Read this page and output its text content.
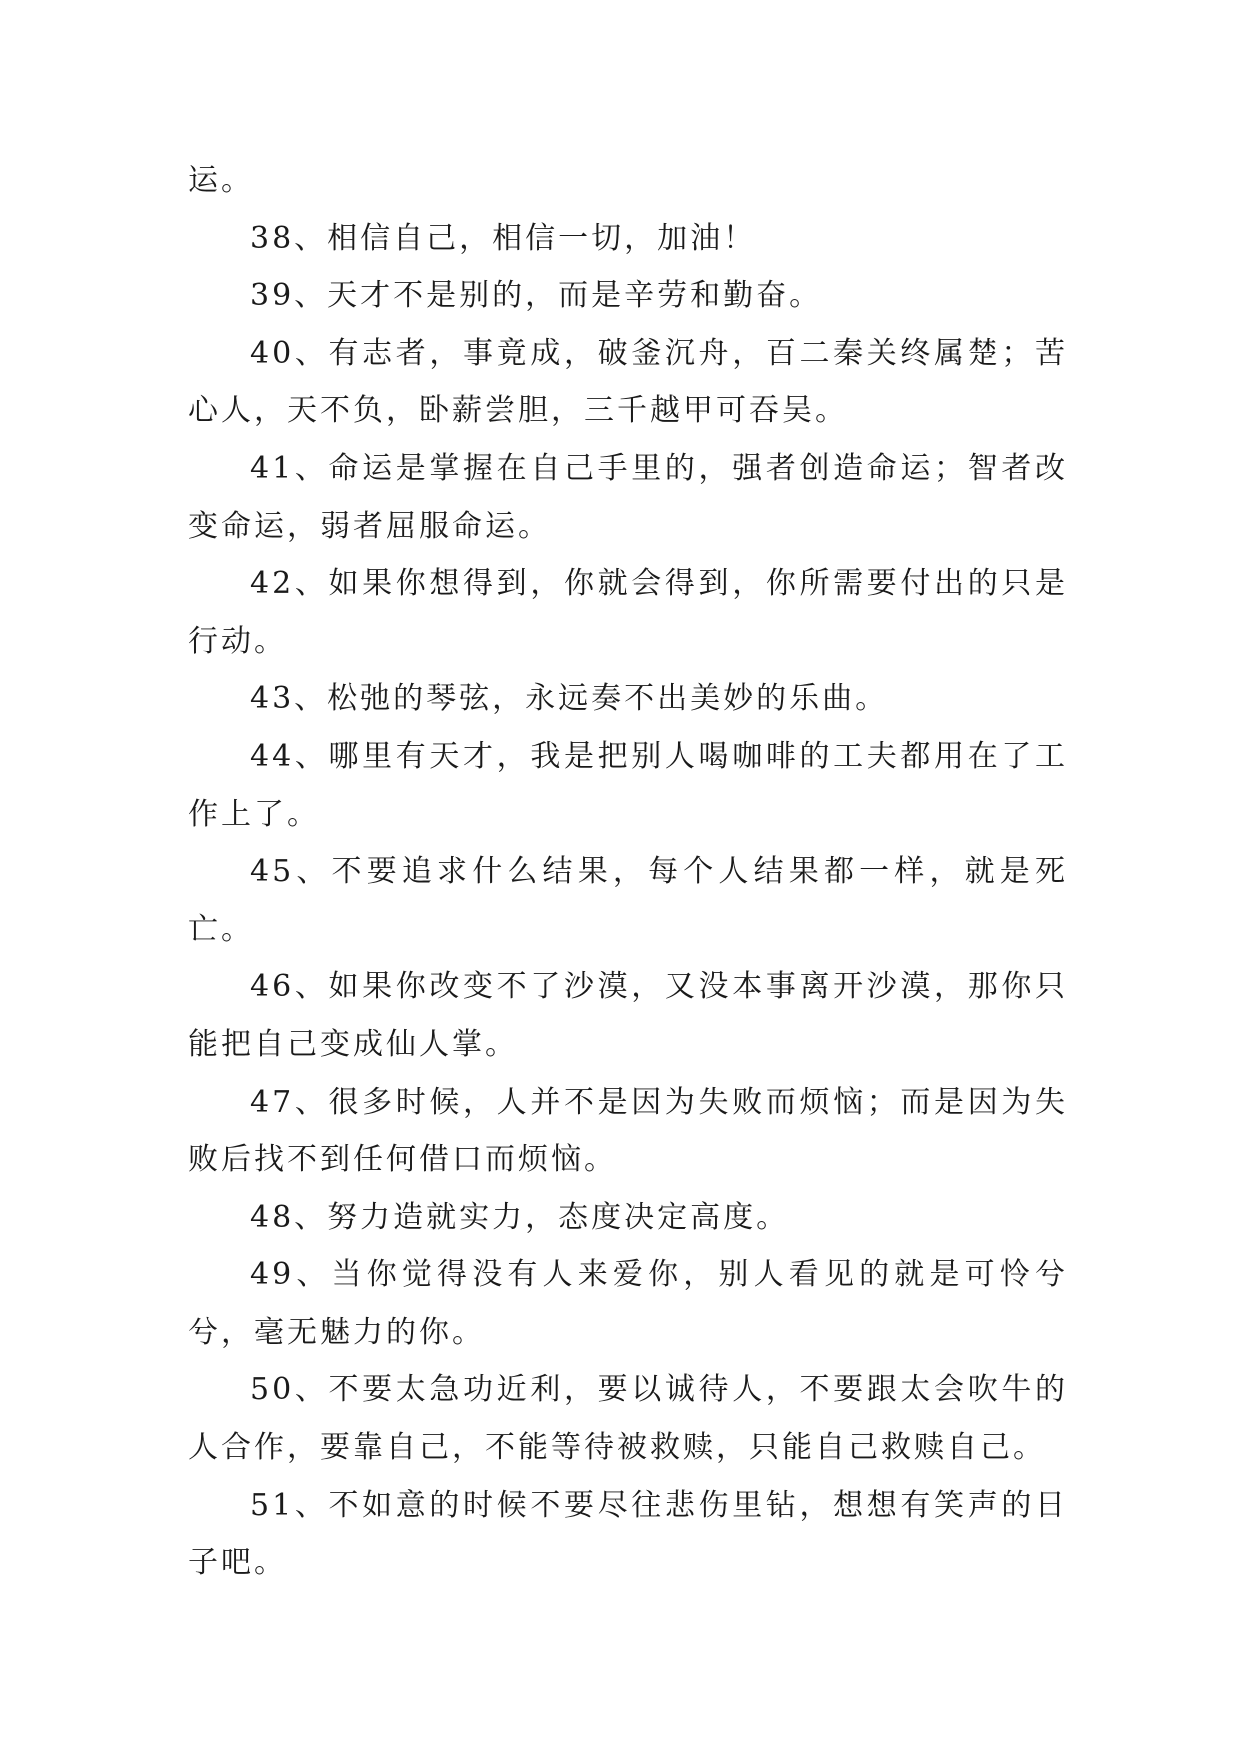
运。

38、相信自己，相信一切，加油！

39、天才不是别的，而是辛劳和勤奋。

40、有志者，事竟成，破釜沉舟，百二秦关终属楚；苦心人，天不负，卧薪尝胆，三千越甲可吞吴。

41、命运是掌握在自己手里的，强者创造命运；智者改变命运，弱者屈服命运。

42、如果你想得到，你就会得到，你所需要付出的只是行动。

43、松弛的琴弦，永远奏不出美妙的乐曲。

44、哪里有天才，我是把别人喝咖啡的工夫都用在了工作上了。

45、不要追求什么结果，每个人结果都一样，就是死亡。

46、如果你改变不了沙漠，又没本事离开沙漠，那你只能把自己变成仙人掌。

47、很多时候，人并不是因为失败而烦恼；而是因为失败后找不到任何借口而烦恼。

48、努力造就实力，态度决定高度。

49、当你觉得没有人来爱你，别人看见的就是可怜兮兮，毫无魅力的你。

50、不要太急功近利，要以诚待人，不要跟太会吹牛的人合作，要靠自己，不能等待被救赎，只能自己救赎自己。

51、不如意的时候不要尽往悲伤里钻，想想有笑声的日子吧。
